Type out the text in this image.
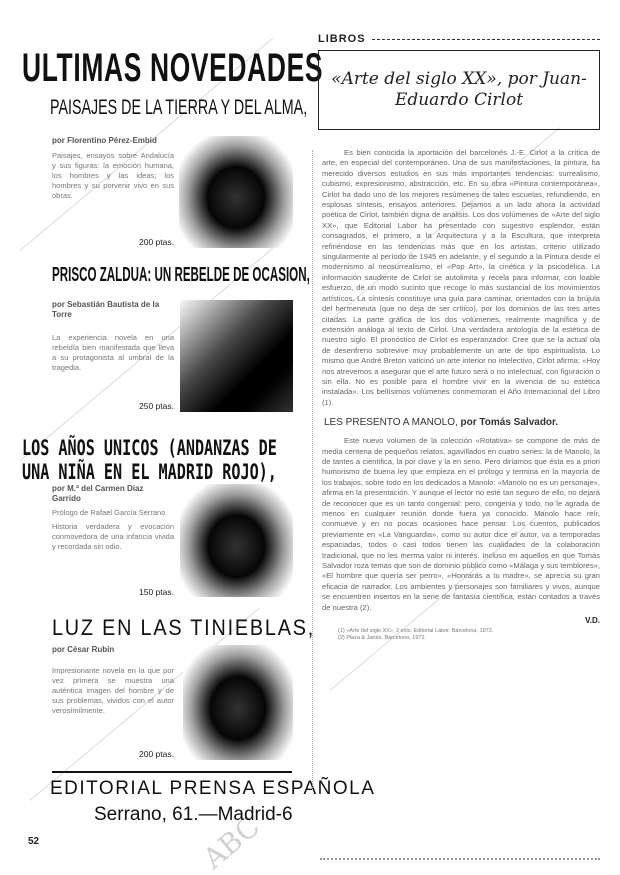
ABC
ULTIMAS NOVEDADES
PAISAJES DE LA TIERRA Y DEL ALMA,
por Florentino Pérez-Embid
Paisajes, ensayos sobre Andalucía y sus figuras: la emoción humana, los hombres y las ideas; los hombres y su porvenir vivo en sus obras.
200 ptas.
PRISCO ZALDUA: UN REBELDE DE OCASION,
por Sebastián Bautista de la Torre
La experiencia novela en una rebeldía bien manifestada que lleva a su protagonista al umbral de la tragedia.
250 ptas.
LOS AÑOS UNICOS (ANDANZAS DE UNA NIÑA EN EL MADRID ROJO),
por M.ª del Carmen Díaz Garrido
Prólogo de Rafael García Serrano
Historia verdadera y evocación conmovedora de una infancia vivida y recordada sin odio.
150 ptas.
LUZ EN LAS TINIEBLAS,
por César Rubín
Impresionante novela en la que por vez primera se muestra una auténtica imagen del hombre y de sus problemas, vividos con el autor verosímilmente.
200 ptas.
EDITORIAL PRENSA ESPAÑOLA
Serrano, 61.—Madrid-6
52
LIBROS
«Arte del siglo XX», por Juan-Eduardo Cirlot
Es bien conocida la aportación del barcelonés J.-E. Cirlot a la crítica de arte, en especial del contemporáneo. Una de sus manifestaciones, la pintura, ha merecido diversos estudios en sus más importantes tendencias: surrealismo, cubismo, expresionismo, abstracción, etc. En su obra «Pintura contemporánea», Cirlot ha dado uno de los mejores resúmenes de tales escuelas, refundiendo, en esplosas síntesis, ensayos anteriores. Dejamos a un lado ahora la actividad poética de Cirlot, también digna de análisis. Los dos volúmenes de «Arte del siglo XX», que Editorial Labor ha presentado con sugestivo esplendor, están consagrados, el primero, a la Arquitectura y a la Escultura, que interpreta refiriéndose en las tendencias más que en los artistas, criterio utilizado singularmente al período de 1945 en adelante, y el segundo a la Pintura desde el modernismo al neosurrealismo, el «Pop Art», la cinética y la psicodélica. La información saudiente de Cirlot se autolimita y recela para informar, con loable esfuerzo, de un modo sucinto que recoge lo más sustancial de los movimientos artísticos. La síntesis constituye una guía para caminar, orientados con la brújula del hermeneuta (que no deja de ser crítico), por los dominios de las tres artes citadas. La parte gráfica de los dos volúmenes, realmente magnífica y de extensión análoga al texto de Cirlot. Una verdadera antología de la estética de nuestro siglo. El pronóstico de Cirlot es esperanzador. Cree que se la actual ola de desenfreno sobrevive muy probablemente un arte de tipo espiritualista. Lo mismo que André Breton vaticinó un arte interior no intelectivo, Cirlot afirma: «Hoy nos atrevemos a asegurar que el arte futuro será o no intelectual, con figuración o sin ella. No es posible para el hombre vivir en la vivencia de su estética instalada». Los bellísimos volúmenes conmemoran el Año Internacional del Libro (1).
LES PRESENTO A MANOLO, por Tomás Salvador.
Este nuevo volumen de la colección «Rotativa» se compone de más de media centena de pequeños relatos, agavillados en cuatro series: la de Manolo, la de tantes a cientifica, la por clave y la en serio. Pero diríamos que ésta es a priori humorismo de buena ley que empieza en el prólogo y termina en la mayoría de los trabajos, sobre todo en los dedicados a Manolo: «Manolo no es un personaje», afirma en la presentación. Y aunque el lector no esté tan seguro de ello, no dejará de reconocer que es un tanto congenial: pero, congenia y todo, no le agrada de menos en cualquier reunión donde fuera ya conocido. Manolo hace reír, conmueve y en no pocas ocasiones hace pensar. Los cuentos, publicados previamente en «La Vanguardia», como su autor dice el autor, va a temporadas espaciadas, todos o casi todos tienen las cualidades de la colaboración tradicional, que no les merma valor ni interés. Incluso en aquellos en que Tomás Salvador roza temas que son de dominio público como «Málaga y sus temblores», «El hombre que quería ser perro», «Honrarás a tu madre», se aprecia su gran eficacia de narrador. Los ambientes y personajes son familiares y vivos, aunque se encuentren insertos en la serie de fantasía científica, están contados a través de nuestra (2).
V.D.
(1) «Arte del siglo XX», 2 vols. Editorial Labor. Barcelona, 1972.
(2) Plaza & Janés. Barcelona, 1972.
